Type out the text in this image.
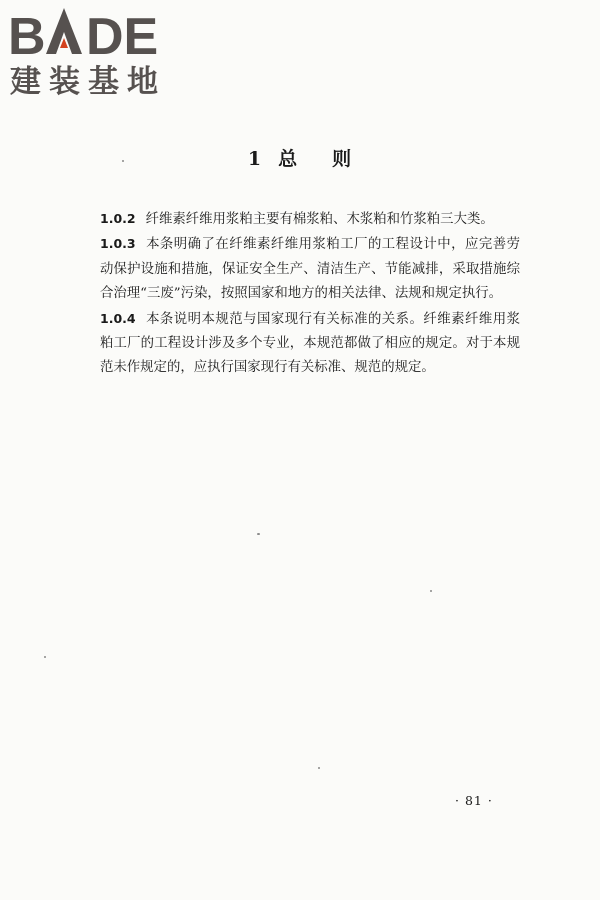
B DE
建装基地
1 总 则

1.0.2 纤维素纤维用浆粕主要有棉浆粕、木浆粕和竹浆粕三大类。

1.0.3 本条明确了在纤维素纤维用浆粕工厂的工程设计中，应完善劳动保护设施和措施，保证安全生产、清洁生产、节能减排，采取措施综合治理“三废”污染，按照国家和地方的相关法律、法规和规定执行。

1.0.4 本条说明本规范与国家现行有关标准的关系。纤维素纤维用浆粕工厂的工程设计涉及多个专业，本规范都做了相应的规定。对于本规范未作规定的，应执行国家现行有关标准、规范的规定。

· 81 ·
